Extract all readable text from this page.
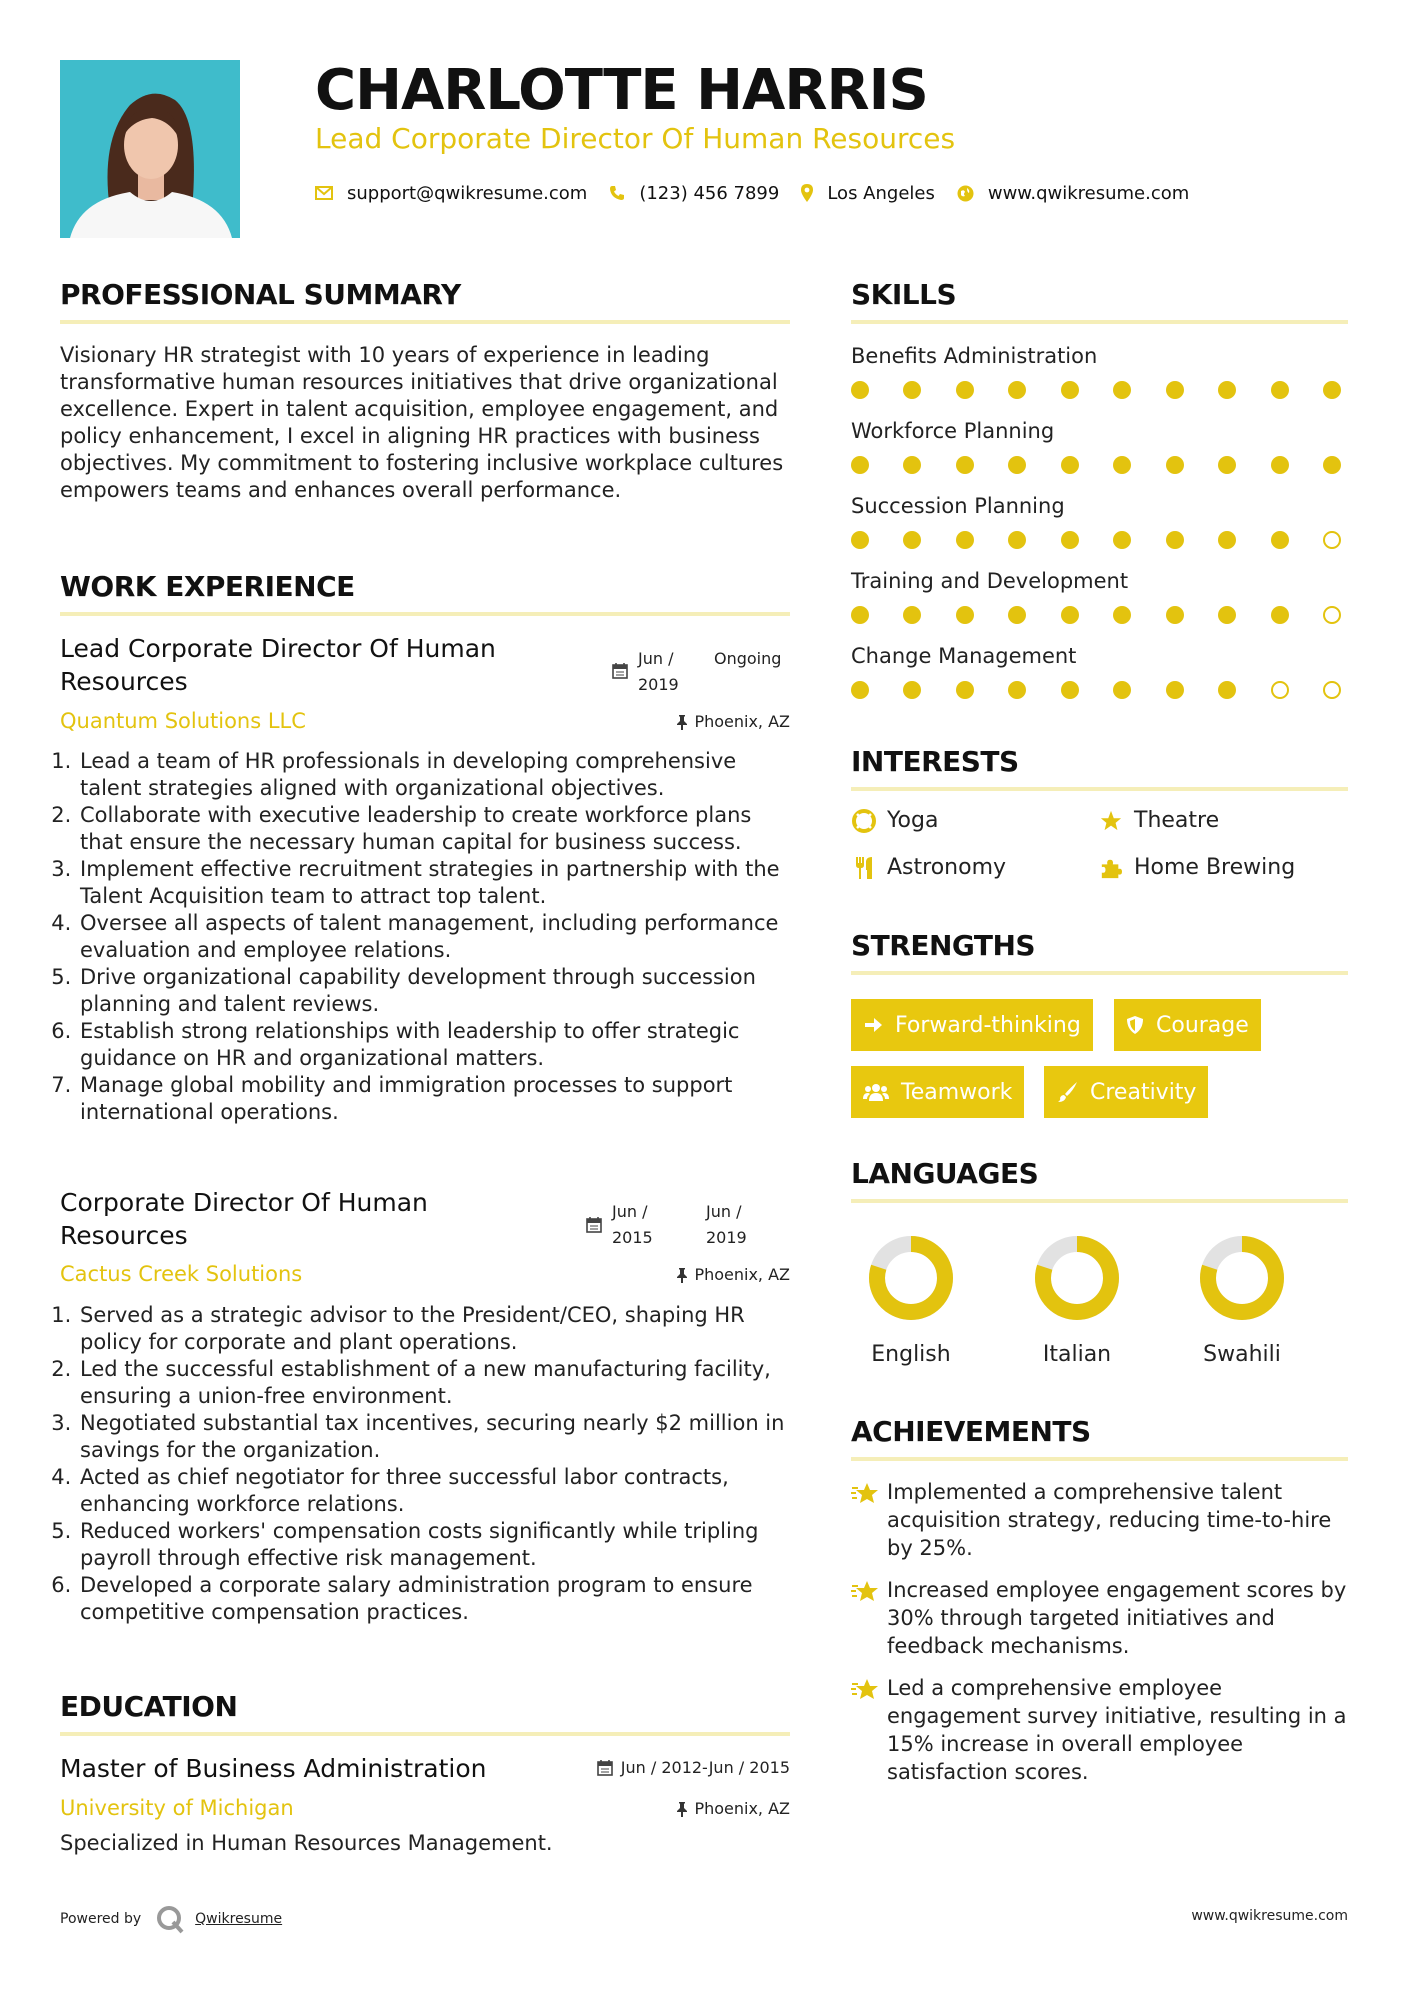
CHARLOTTE HARRIS
Lead Corporate Director Of Human Resources
support@qwikresume.com	(123) 456 7899	Los Angeles	www.qwikresume.com
PROFESSIONAL SUMMARY
Visionary HR strategist with 10 years of experience in leading transformative human resources initiatives that drive organizational excellence. Expert in talent acquisition, employee engagement, and policy enhancement, I excel in aligning HR practices with business objectives. My commitment to fostering inclusive workplace cultures empowers teams and enhances overall performance.
WORK EXPERIENCE
Lead Corporate Director Of Human Resources
Jun / 2019
Ongoing
Quantum Solutions LLC	Phoenix, AZ
1. Lead a team of HR professionals in developing comprehensive talent strategies aligned with organizational objectives.
2. Collaborate with executive leadership to create workforce plans that ensure the necessary human capital for business success.
3. Implement effective recruitment strategies in partnership with the Talent Acquisition team to attract top talent.
4. Oversee all aspects of talent management, including performance evaluation and employee relations.
5. Drive organizational capability development through succession planning and talent reviews.
6. Establish strong relationships with leadership to offer strategic guidance on HR and organizational matters.
7. Manage global mobility and immigration processes to support international operations.
Corporate Director Of Human Resources
Jun / 2015
Jun / 2019
Cactus Creek Solutions	Phoenix, AZ
1. Served as a strategic advisor to the President/CEO, shaping HR policy for corporate and plant operations.
2. Led the successful establishment of a new manufacturing facility, ensuring a union-free environment.
3. Negotiated substantial tax incentives, securing nearly $2 million in savings for the organization.
4. Acted as chief negotiator for three successful labor contracts, enhancing workforce relations.
5. Reduced workers' compensation costs significantly while tripling payroll through effective risk management.
6. Developed a corporate salary administration program to ensure competitive compensation practices.
EDUCATION
Master of Business Administration	Jun / 2012-Jun / 2015
University of Michigan	Phoenix, AZ
Specialized in Human Resources Management.
SKILLS
Benefits Administration
Workforce Planning
Succession Planning
Training and Development
Change Management
INTERESTS
Yoga	Theatre
Astronomy	Home Brewing
STRENGTHS
Forward-thinking	Courage
Teamwork	Creativity
LANGUAGES
English	Italian	Swahili
ACHIEVEMENTS
Implemented a comprehensive talent acquisition strategy, reducing time-to-hire by 25%.
Increased employee engagement scores by 30% through targeted initiatives and feedback mechanisms.
Led a comprehensive employee engagement survey initiative, resulting in a 15% increase in overall employee satisfaction scores.
Powered by	Qwikresume	www.qwikresume.com
